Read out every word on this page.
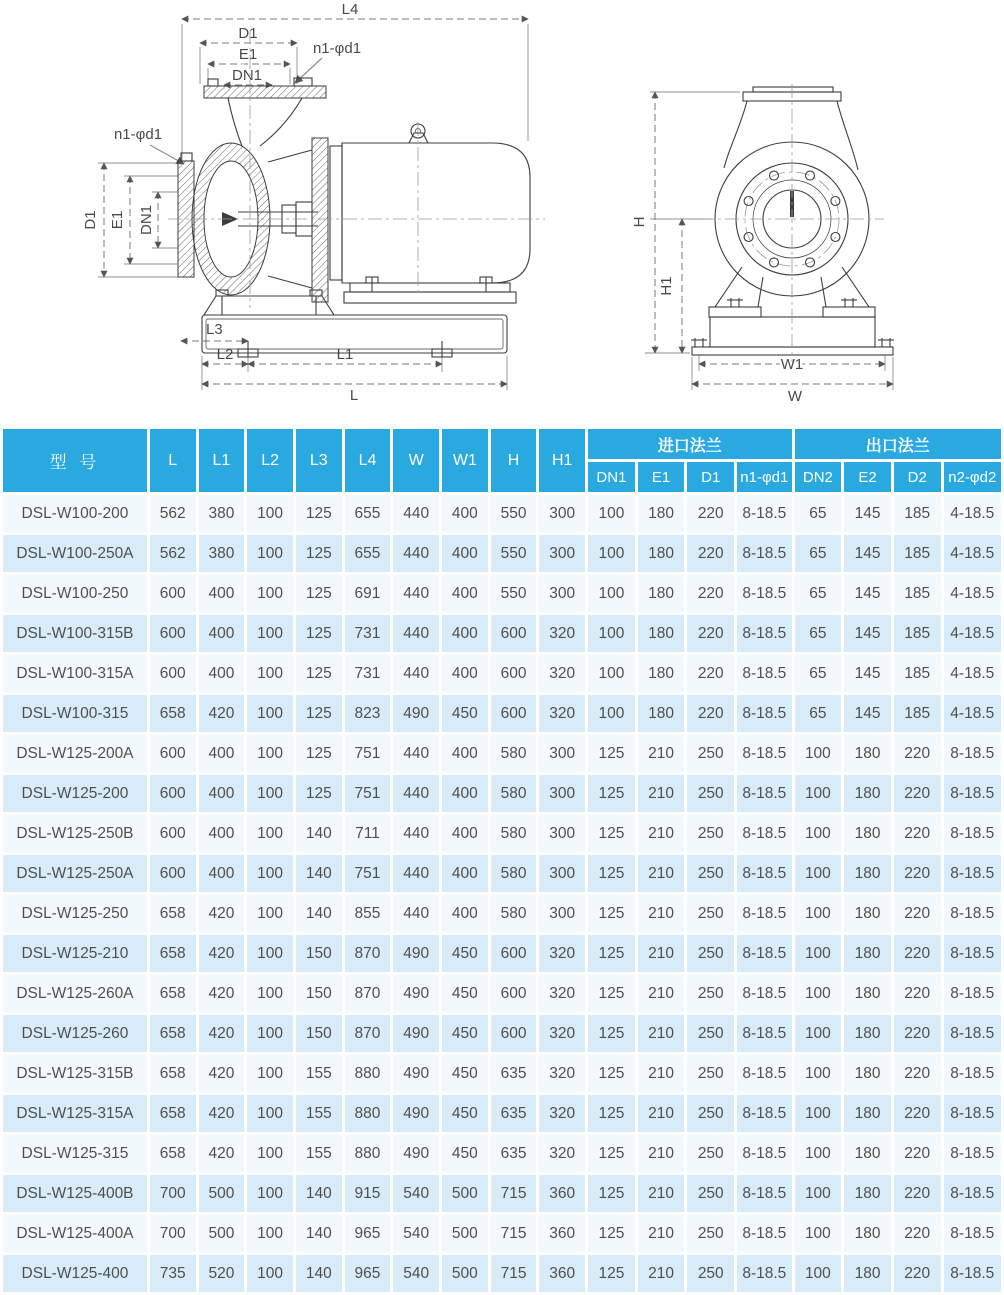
L4
D1
E1
DN1
n1-φd1
n1-φd1
D1 E1 DN1
L3
L2	L1
L
H
H1
W1
W
型 号	L	L1	L2	L3	L4	W	W1	H	H1	进口法兰				出口法兰			
										DN1	E1	D1	n1-φd1	DN2	E2	D2	n2-φd2
DSL-W100-200	562	380	100	125	655	440	400	550	300	100	180	220	8-18.5	65	145	185	4-18.5
DSL-W100-250A	562	380	100	125	655	440	400	550	300	100	180	220	8-18.5	65	145	185	4-18.5
DSL-W100-250	600	400	100	125	691	440	400	550	300	100	180	220	8-18.5	65	145	185	4-18.5
DSL-W100-315B	600	400	100	125	731	440	400	600	320	100	180	220	8-18.5	65	145	185	4-18.5
DSL-W100-315A	600	400	100	125	731	440	400	600	320	100	180	220	8-18.5	65	145	185	4-18.5
DSL-W100-315	658	420	100	125	823	490	450	600	320	100	180	220	8-18.5	65	145	185	4-18.5
DSL-W125-200A	600	400	100	125	751	440	400	580	300	125	210	250	8-18.5	100	180	220	8-18.5
DSL-W125-200	600	400	100	125	751	440	400	580	300	125	210	250	8-18.5	100	180	220	8-18.5
DSL-W125-250B	600	400	100	140	711	440	400	580	300	125	210	250	8-18.5	100	180	220	8-18.5
DSL-W125-250A	600	400	100	140	751	440	400	580	300	125	210	250	8-18.5	100	180	220	8-18.5
DSL-W125-250	658	420	100	140	855	440	400	580	300	125	210	250	8-18.5	100	180	220	8-18.5
DSL-W125-210	658	420	100	150	870	490	450	600	320	125	210	250	8-18.5	100	180	220	8-18.5
DSL-W125-260A	658	420	100	150	870	490	450	600	320	125	210	250	8-18.5	100	180	220	8-18.5
DSL-W125-260	658	420	100	150	870	490	450	600	320	125	210	250	8-18.5	100	180	220	8-18.5
DSL-W125-315B	658	420	100	155	880	490	450	635	320	125	210	250	8-18.5	100	180	220	8-18.5
DSL-W125-315A	658	420	100	155	880	490	450	635	320	125	210	250	8-18.5	100	180	220	8-18.5
DSL-W125-315	658	420	100	155	880	490	450	635	320	125	210	250	8-18.5	100	180	220	8-18.5
DSL-W125-400B	700	500	100	140	915	540	500	715	360	125	210	250	8-18.5	100	180	220	8-18.5
DSL-W125-400A	700	500	100	140	965	540	500	715	360	125	210	250	8-18.5	100	180	220	8-18.5
DSL-W125-400	735	520	100	140	965	540	500	715	360	125	210	250	8-18.5	100	180	220	8-18.5
